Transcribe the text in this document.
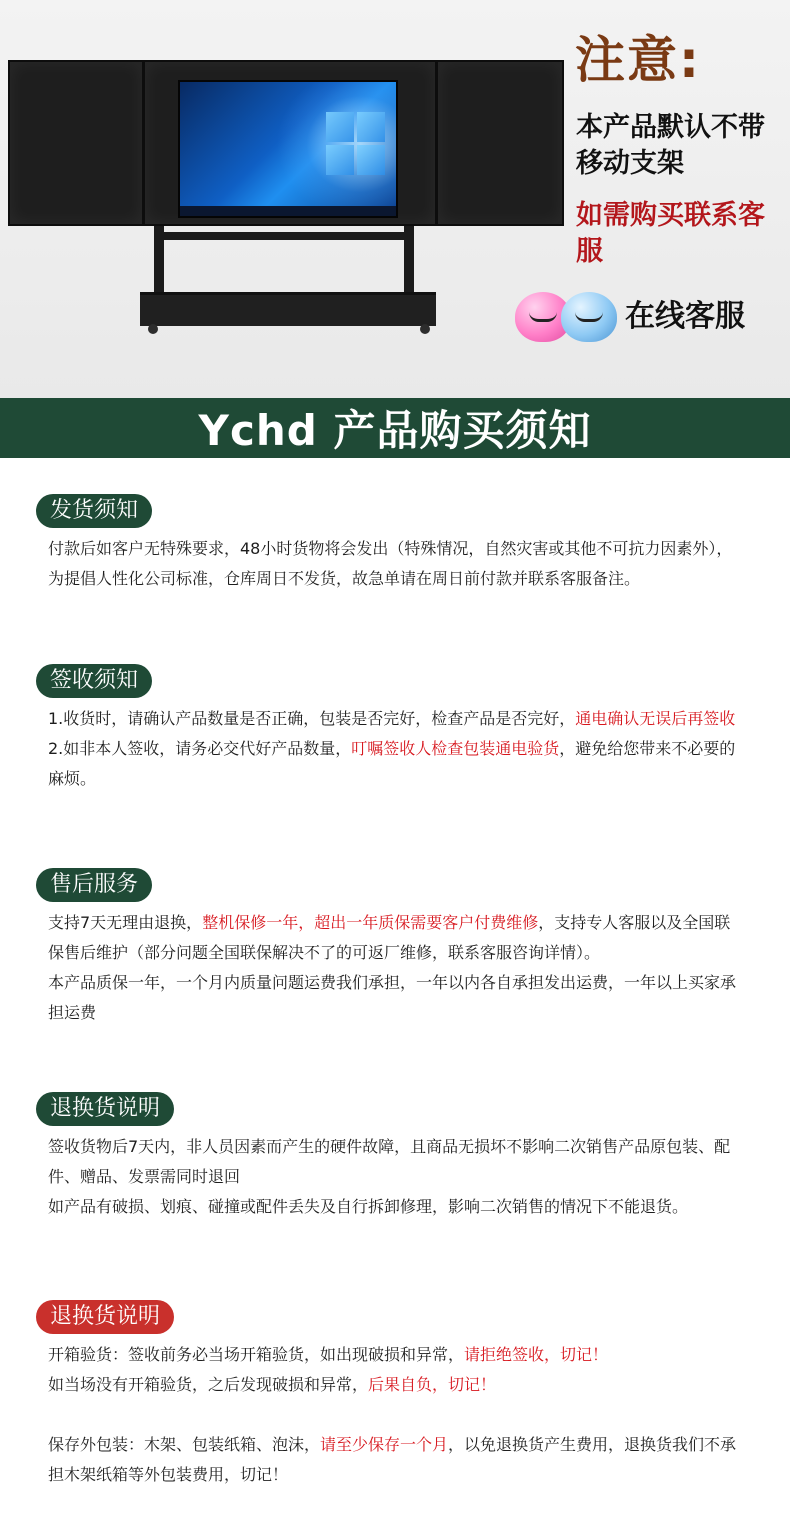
注意:
本产品默认不带移动支架
如需购买联系客服
在线客服
Ychd 产品购买须知
发货须知

付款后如客户无特殊要求，48小时货物将会发出（特殊情况，自然灾害或其他不可抗力因素外），为提倡人性化公司标准，仓库周日不发货，故急单请在周日前付款并联系客服备注。

签收须知

1.收货时，请确认产品数量是否正确，包装是否完好，检查产品是否完好，通电确认无误后再签收

2.如非本人签收，请务必交代好产品数量，叮嘱签收人检查包装通电验货，避免给您带来不必要的麻烦。

售后服务

支持7天无理由退换，整机保修一年，超出一年质保需要客户付费维修，支持专人客服以及全国联保售后维护（部分问题全国联保解决不了的可返厂维修，联系客服咨询详情）。

本产品质保一年，一个月内质量问题运费我们承担，一年以内各自承担发出运费，一年以上买家承担运费

退换货说明

签收货物后7天内，非人员因素而产生的硬件故障，且商品无损坏不影响二次销售产品原包装、配件、赠品、发票需同时退回

如产品有破损、划痕、碰撞或配件丢失及自行拆卸修理，影响二次销售的情况下不能退货。

退换货说明

开箱验货：签收前务必当场开箱验货，如出现破损和异常，请拒绝签收，切记！

如当场没有开箱验货，之后发现破损和异常，后果自负，切记！

保存外包装：木架、包装纸箱、泡沫，请至少保存一个月，以免退换货产生费用，退换货我们不承担木架纸箱等外包装费用，切记！
